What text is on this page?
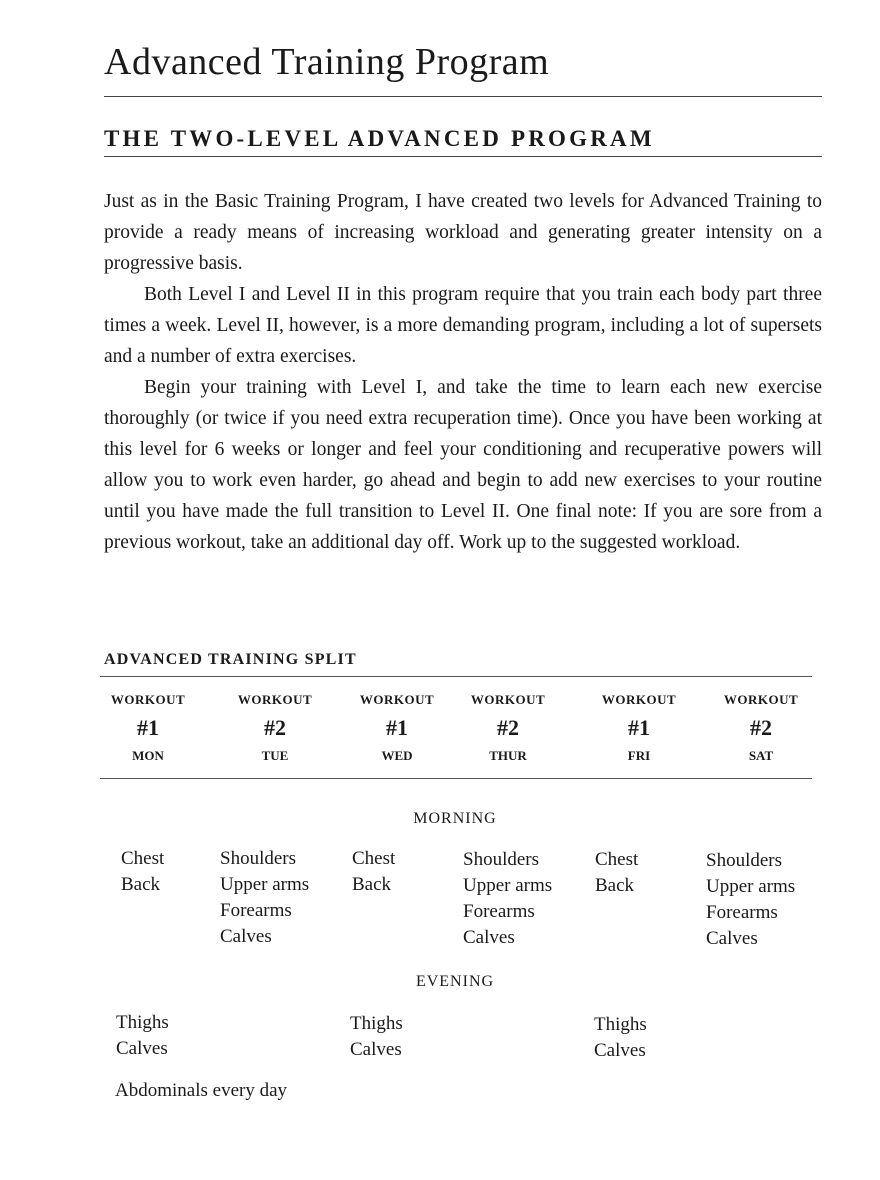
Advanced Training Program
THE TWO-LEVEL ADVANCED PROGRAM

Just as in the Basic Training Program, I have created two levels for Advanced Training to provide a ready means of increasing workload and generating greater intensity on a progressive basis.

Both Level I and Level II in this program require that you train each body part three times a week. Level II, however, is a more demanding program, including a lot of supersets and a number of extra exercises.

Begin your training with Level I, and take the time to learn each new exercise thoroughly (or twice if you need extra recuperation time). Once you have been working at this level for 6 weeks or longer and feel your conditioning and recuperative powers will allow you to work even harder, go ahead and begin to add new exercises to your routine until you have made the full transition to Level II. One final note: If you are sore from a previous workout, take an additional day off. Work up to the suggested workload.

ADVANCED TRAINING SPLIT
WORKOUT
#1
MON
WORKOUT
#2
TUE
WORKOUT
#1
WED
WORKOUT
#2
THUR
WORKOUT
#1
FRI
WORKOUT
#2
SAT
MORNING
Chest
Back
Shoulders
Upper arms
Forearms
Calves
Chest
Back
Shoulders
Upper arms
Forearms
Calves
Chest
Back
Shoulders
Upper arms
Forearms
Calves
EVENING
Thighs
Calves
Thighs
Calves
Thighs
Calves
Abdominals every day
